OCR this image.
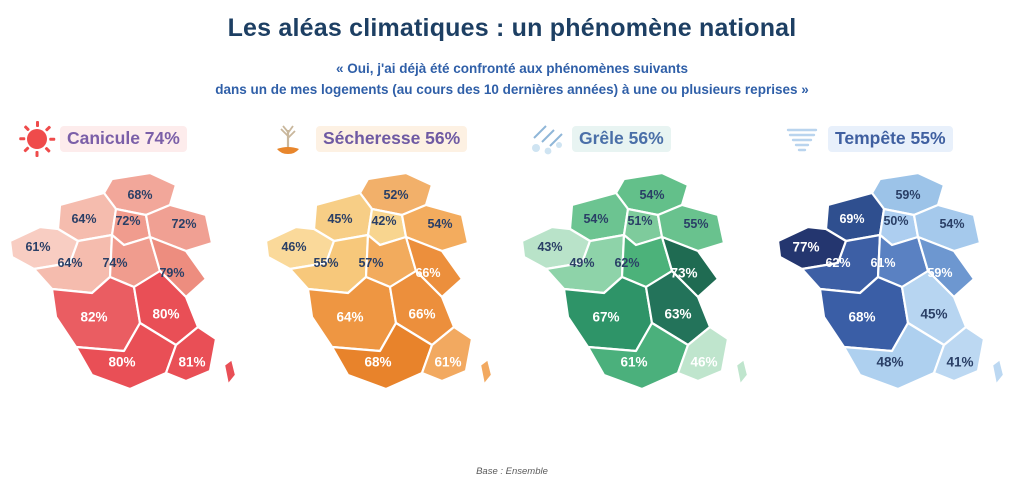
Les aléas climatiques : un phénomène national
« Oui, j'ai déjà été confronté aux phénomènes suivants
dans un de mes logements (au cours des 10 dernières années) à une ou plusieurs reprises »
Canicule 74%
68%
64% 72% 72%
61%
64% 74%
79%
82%	80%
80%	81%
Sécheresse 56%
52%
45% 42% 54%
46%
55% 57%
66%
64%	66%
68%	61%
Grêle 56%
54%
54% 51% 55%
43%
49% 62%
73%
67%	63%
61%	46%
Tempête 55%
59%
69% 50% 54%
77%
62% 61%
59%
68%	45%
48%	41%
Base : Ensemble
